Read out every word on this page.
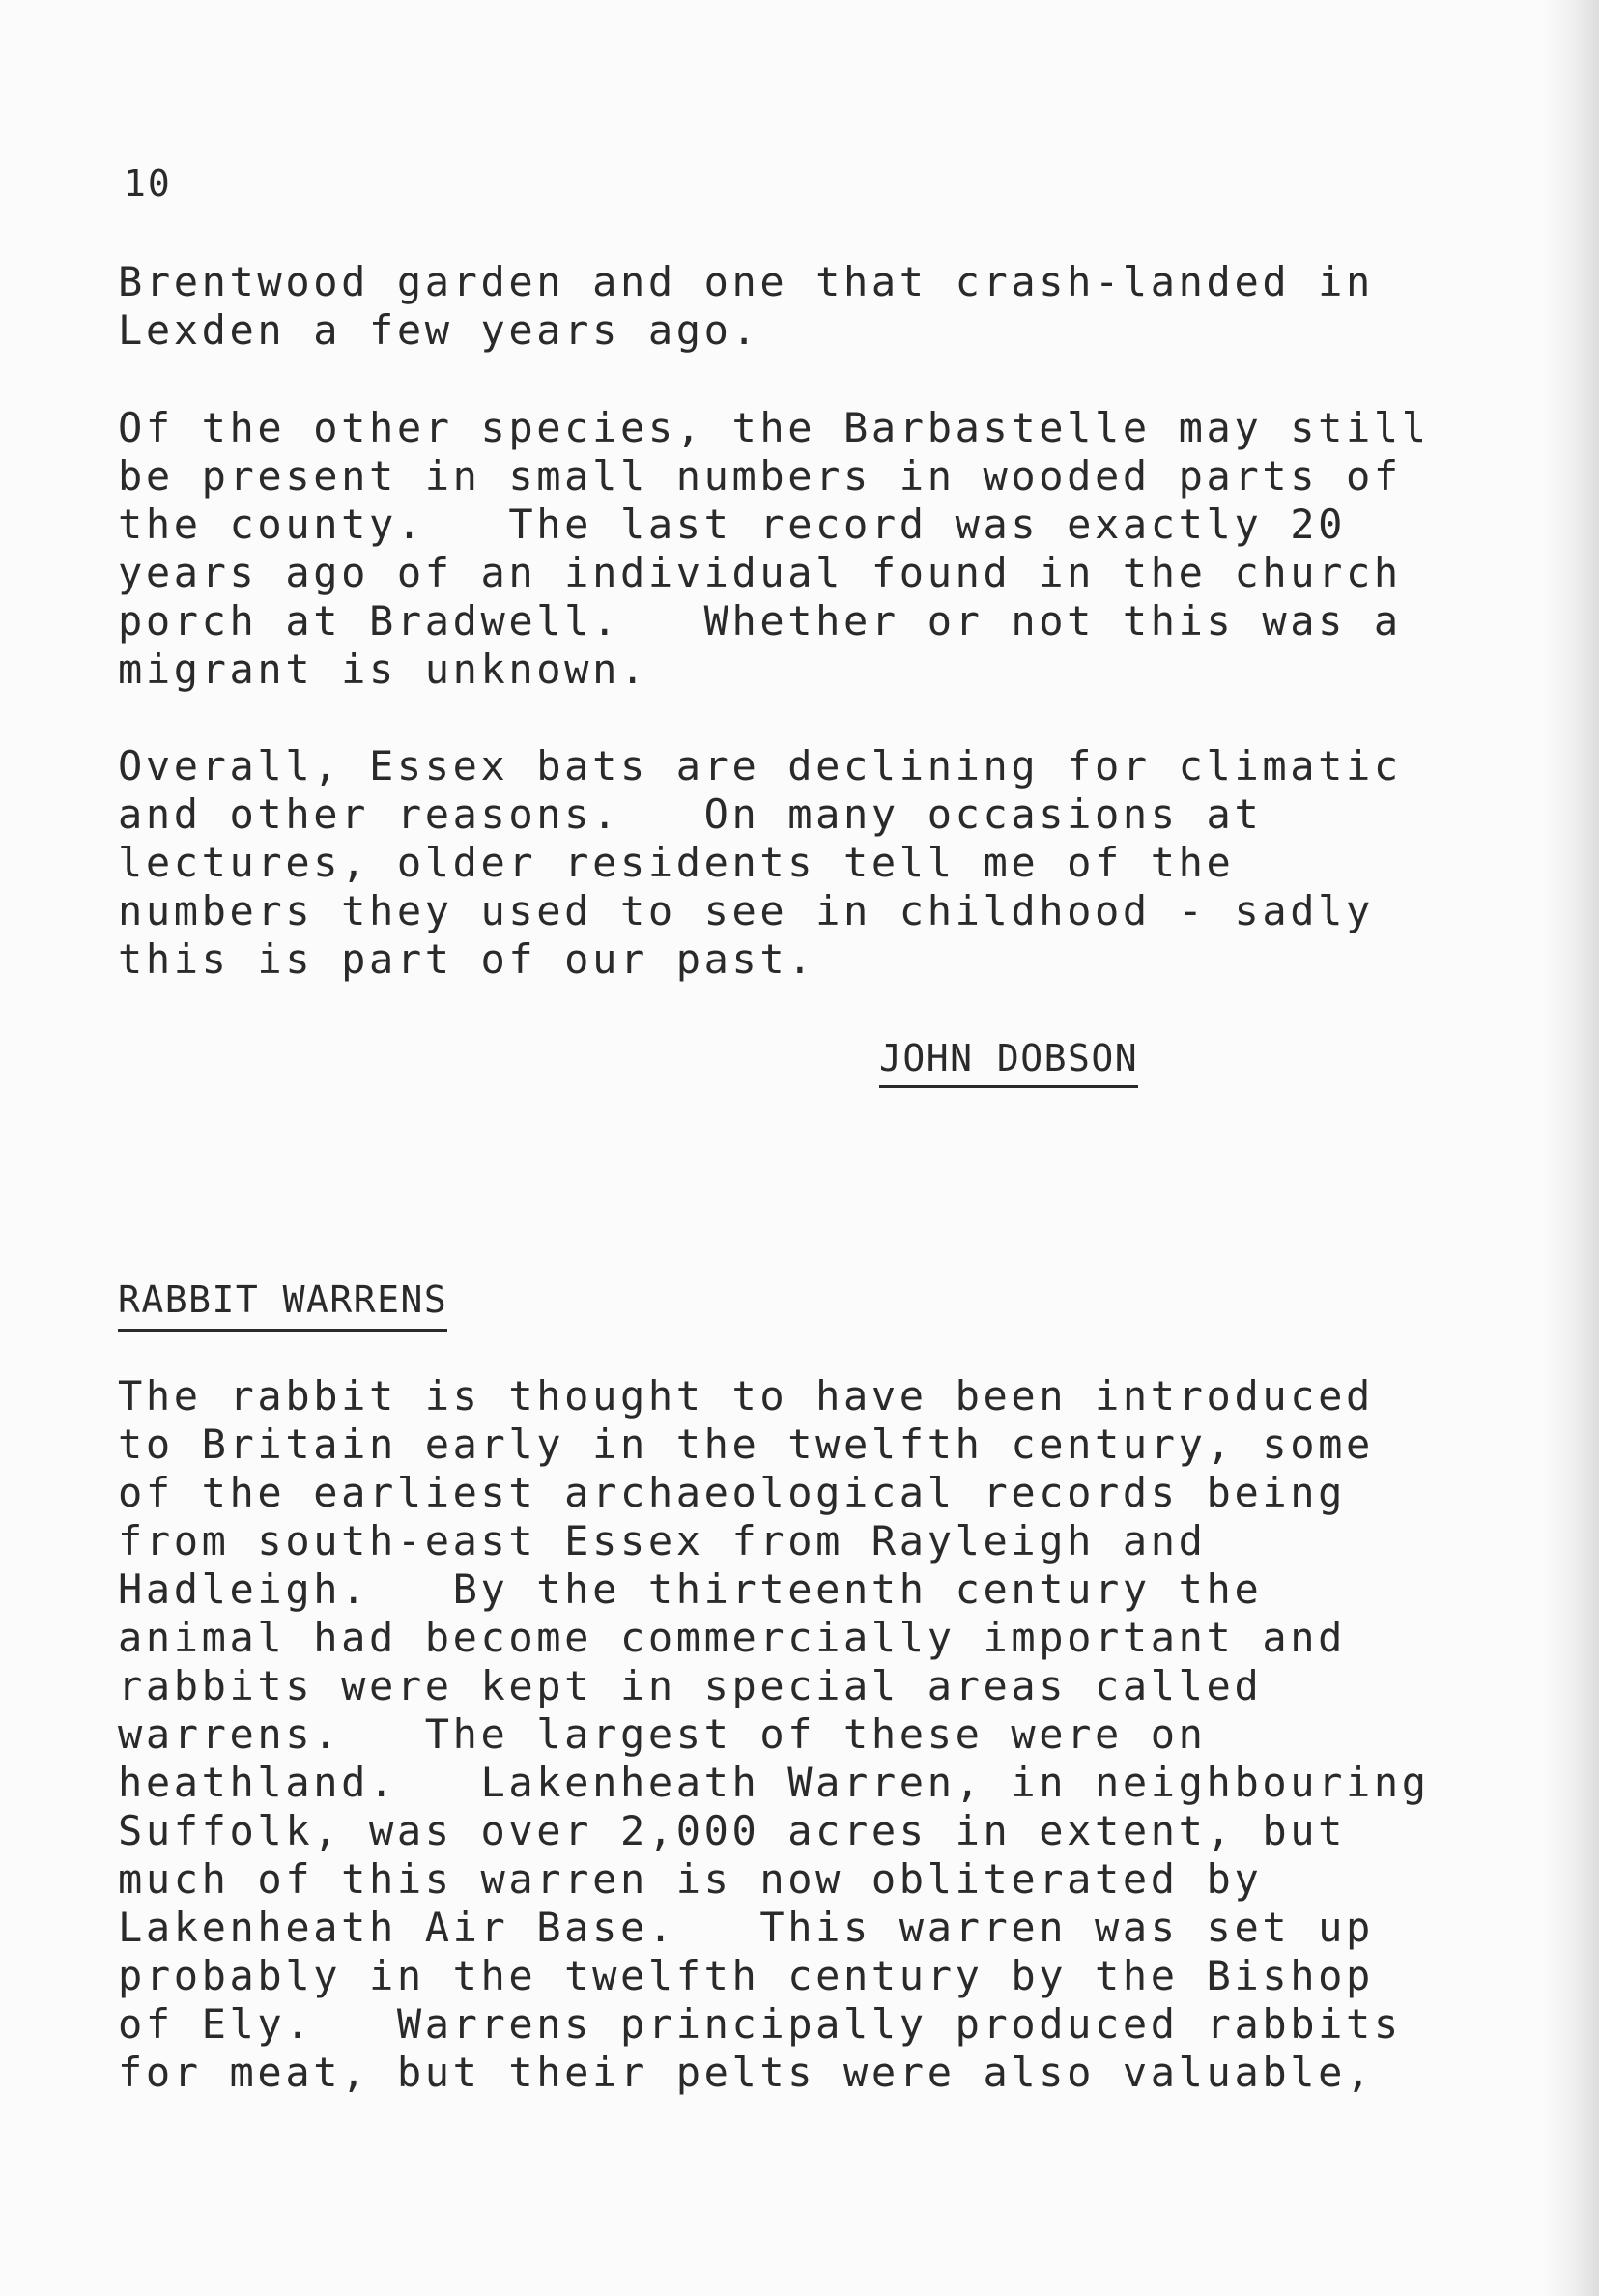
10
Brentwood garden and one that crash-landed in
Lexden a few years ago.
Of the other species, the Barbastelle may still
be present in small numbers in wooded parts of
the county.   The last record was exactly 20
years ago of an individual found in the church
porch at Bradwell.   Whether or not this was a
migrant is unknown.
Overall, Essex bats are declining for climatic
and other reasons.   On many occasions at
lectures, older residents tell me of the
numbers they used to see in childhood - sadly
this is part of our past.
JOHN DOBSON
RABBIT WARRENS
The rabbit is thought to have been introduced
to Britain early in the twelfth century, some
of the earliest archaeological records being
from south-east Essex from Rayleigh and
Hadleigh.   By the thirteenth century the
animal had become commercially important and
rabbits were kept in special areas called
warrens.   The largest of these were on
heathland.   Lakenheath Warren, in neighbouring
Suffolk, was over 2,000 acres in extent, but
much of this warren is now obliterated by
Lakenheath Air Base.   This warren was set up
probably in the twelfth century by the Bishop
of Ely.   Warrens principally produced rabbits
for meat, but their pelts were also valuable,
